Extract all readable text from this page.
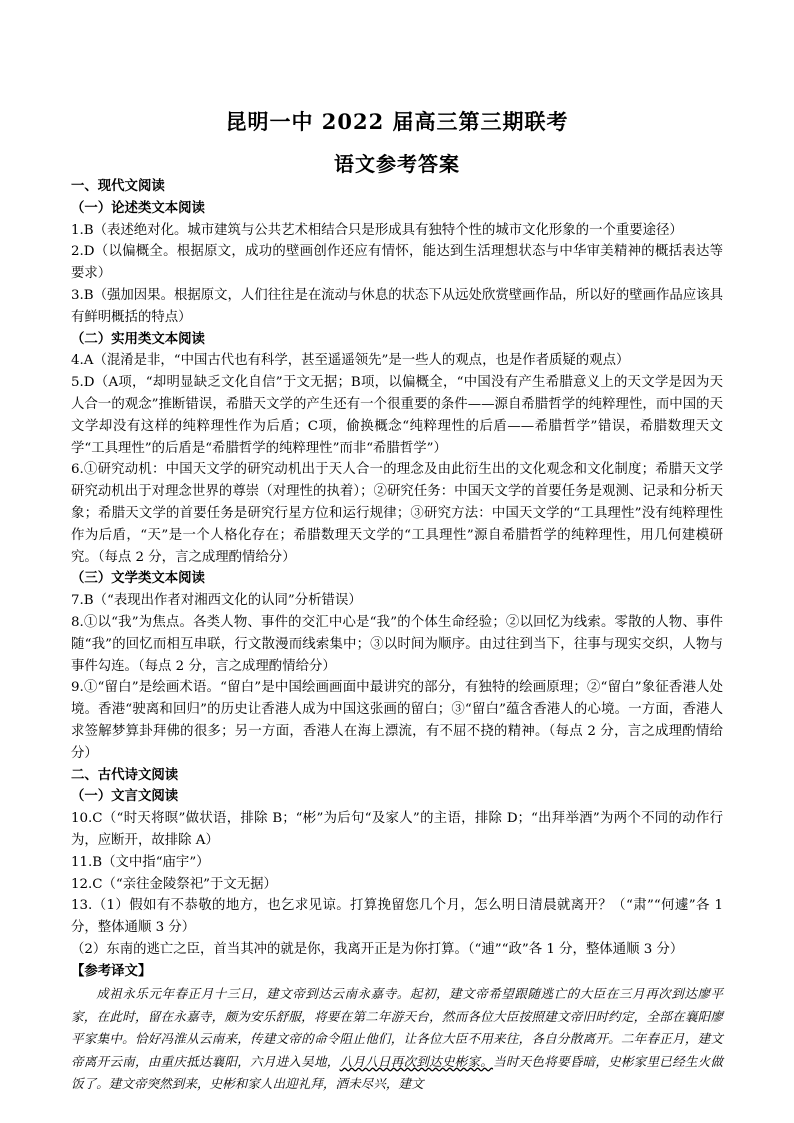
昆明一中 2022 届高三第三期联考
语文参考答案

一、现代文阅读

（一）论述类文本阅读

1.B（表述绝对化。城市建筑与公共艺术相结合只是形成具有独特个性的城市文化形象的一个重要途径）

2.D（以偏概全。根据原文，成功的壁画创作还应有情怀，能达到生活理想状态与中华审美精神的概括表达等要求）

3.B（强加因果。根据原文，人们往往是在流动与休息的状态下从远处欣赏壁画作品，所以好的壁画作品应该具有鲜明概括的特点）

（二）实用类文本阅读

4.A（混淆是非，“中国古代也有科学，甚至遥遥领先”是一些人的观点，也是作者质疑的观点）

5.D（A项，“却明显缺乏文化自信”于文无据；B项，以偏概全，“中国没有产生希腊意义上的天文学是因为天人合一的观念”推断错误，希腊天文学的产生还有一个很重要的条件——源自希腊哲学的纯粹理性，而中国的天文学却没有这样的纯粹理性作为后盾；C项，偷换概念“纯粹理性的后盾——希腊哲学”错误，希腊数理天文学“工具理性”的后盾是“希腊哲学的纯粹理性”而非“希腊哲学”）

6.①研究动机：中国天文学的研究动机出于天人合一的理念及由此衍生出的文化观念和文化制度；希腊天文学研究动机出于对理念世界的尊崇（对理性的执着）；②研究任务：中国天文学的首要任务是观测、记录和分析天象；希腊天文学的首要任务是研究行星方位和运行规律；③研究方法：中国天文学的“工具理性”没有纯粹理性作为后盾，“天”是一个人格化存在；希腊数理天文学的“工具理性”源自希腊哲学的纯粹理性，用几何建模研究。（每点 2 分，言之成理酌情给分）

（三）文学类文本阅读

7.B（“表现出作者对湘西文化的认同”分析错误）

8.①以“我”为焦点。各类人物、事件的交汇中心是“我”的个体生命经验；②以回忆为线索。零散的人物、事件随“我”的回忆而相互串联，行文散漫而线索集中；③以时间为顺序。由过往到当下，往事与现实交织，人物与事件勾连。（每点 2 分，言之成理酌情给分）

9.①“留白”是绘画术语。“留白”是中国绘画画面中最讲究的部分，有独特的绘画原理；②“留白”象征香港人处境。香港“驶离和回归”的历史让香港人成为中国这张画的留白；③“留白”蕴含香港人的心境。一方面，香港人求签解梦算卦拜佛的很多；另一方面，香港人在海上漂流，有不屈不挠的精神。（每点 2 分，言之成理酌情给分）

二、古代诗文阅读

（一）文言文阅读

10.C（“时天将暝”做状语，排除 B；“彬”为后句“及家人”的主语，排除 D；“出拜举酒”为两个不同的动作行为，应断开，故排除 A）

11.B（文中指“庙宇”）

12.C（“亲往金陵祭祀”于文无据）

13.（1）假如有不恭敬的地方，也乞求见谅。打算挽留您几个月，怎么明日清晨就离开？（“肃”“何遽”各 1 分，整体通顺 3 分）

（2）东南的逃亡之臣，首当其冲的就是你，我离开正是为你打算。（“逋”“政”各 1 分，整体通顺 3 分）

【参考译文】

成祖永乐元年春正月十三日，建文帝到达云南永嘉寺。起初，建文帝希望跟随逃亡的大臣在三月再次到达廖平家，在此时，留在永嘉寺，颇为安乐舒服，将要在第二年游天台，然而各位大臣按照建文帝旧时约定，全部在襄阳廖平家集中。恰好冯淮从云南来，传建文帝的命令阻止他们，让各位大臣不用来往，各自分散离开。二年春正月，建文帝离开云南，由重庆抵达襄阳，六月进入吴地，八月八日再次到达史彬家。当时天色将要昏暗，史彬家里已经生火做饭了。建文帝突然到来，史彬和家人出迎礼拜，酒未尽兴，建文
